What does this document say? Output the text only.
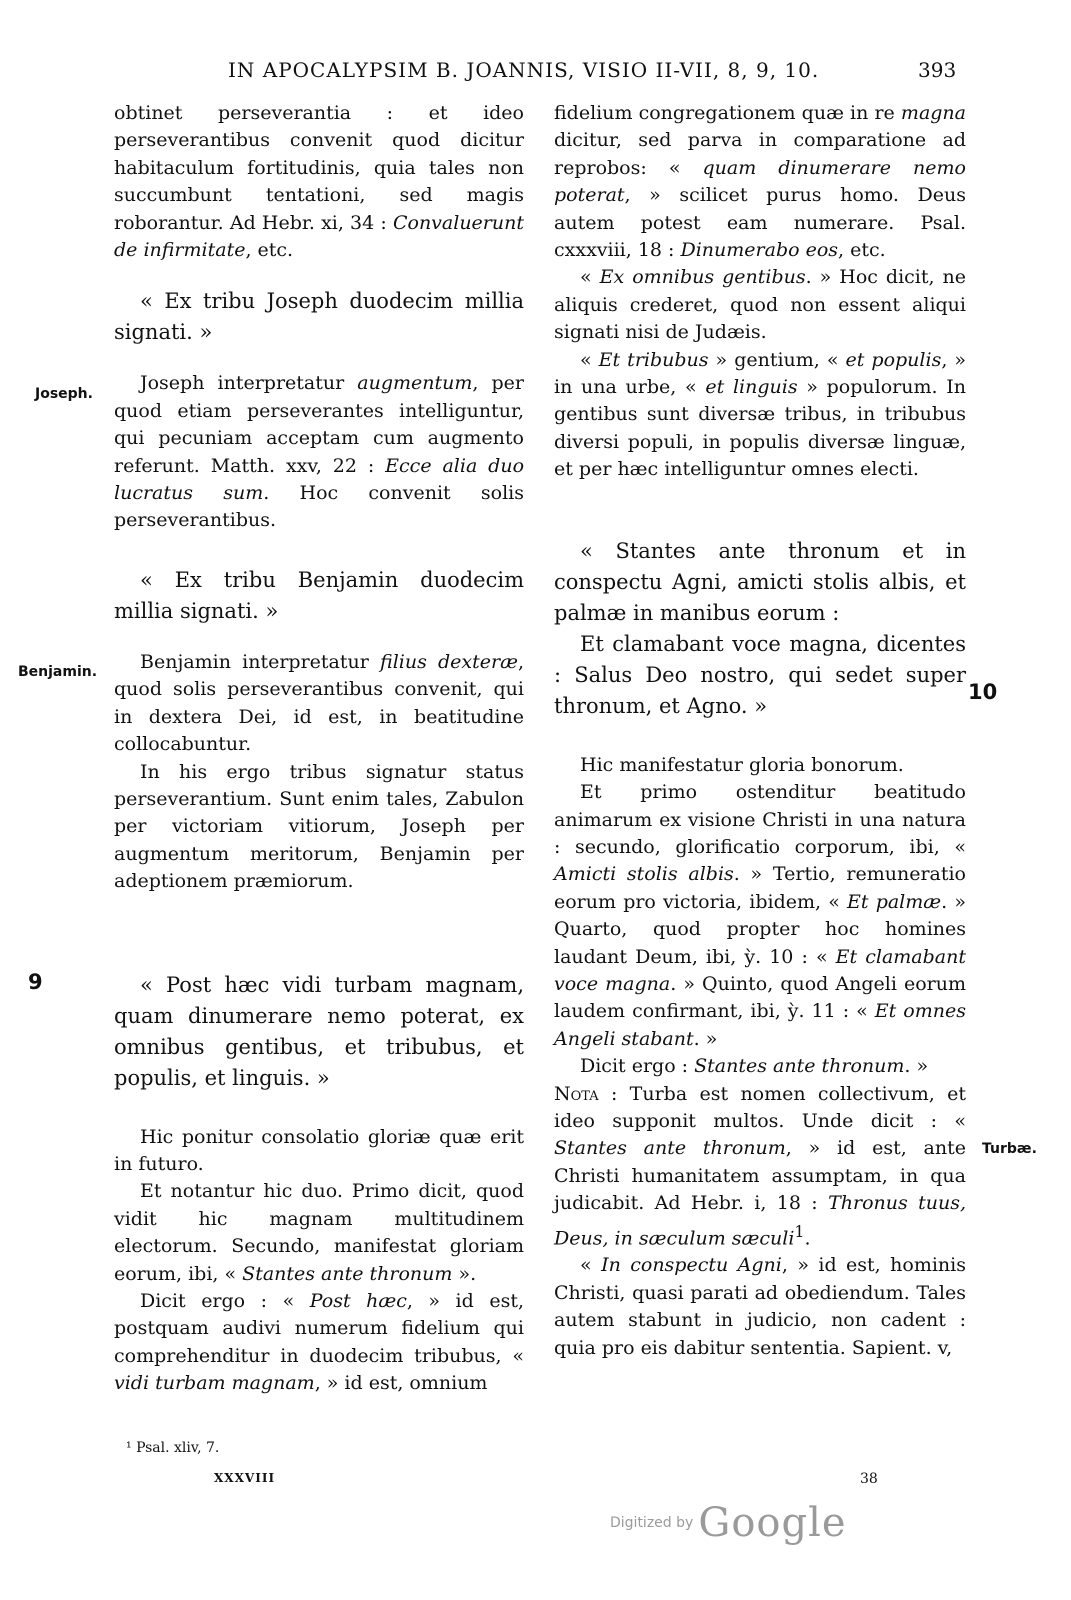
IN APOCALYPSIM B. JOANNIS, VISIO II-VII, 8, 9, 10.	393
Joseph.
Benjamin.
Turbæ.
9
10

obtinet perseverantia : et ideo perseverantibus convenit quod dicitur habitaculum fortitudinis, quia tales non succumbunt tentationi, sed magis roborantur. Ad Hebr. xi, 34 : Convaluerunt de infirmitate, etc.

« Ex tribu Joseph duodecim millia signati. »

Joseph interpretatur augmentum, per quod etiam perseverantes intelliguntur, qui pecuniam acceptam cum augmento referunt. Matth. xxv, 22 : Ecce alia duo lucratus sum. Hoc convenit solis perseverantibus.

« Ex tribu Benjamin duodecim millia signati. »

Benjamin interpretatur filius dexteræ, quod solis perseverantibus convenit, qui in dextera Dei, id est, in beatitudine collocabuntur.

In his ergo tribus signatur status perseverantium. Sunt enim tales, Zabulon per victoriam vitiorum, Joseph per augmentum meritorum, Benjamin per adeptionem præmiorum.

« Post hæc vidi turbam magnam, quam dinumerare nemo poterat, ex omnibus gentibus, et tribubus, et populis, et linguis. »

Hic ponitur consolatio gloriæ quæ erit in futuro.

Et notantur hic duo. Primo dicit, quod vidit hic magnam multitudinem electorum. Secundo, manifestat gloriam eorum, ibi, « Stantes ante thronum ».

Dicit ergo : « Post hæc, » id est, postquam audivi numerum fidelium qui comprehenditur in duodecim tribubus, « vidi turbam magnam, » id est, omnium

fidelium congregationem quæ in re magna dicitur, sed parva in comparatione ad reprobos: « quam dinumerare nemo poterat, » scilicet purus homo. Deus autem potest eam numerare. Psal. cxxxviii, 18 : Dinumerabo eos, etc.

« Ex omnibus gentibus. » Hoc dicit, ne aliquis crederet, quod non essent aliqui signati nisi de Judæis.

« Et tribubus » gentium, « et populis, » in una urbe, « et linguis » populorum. In gentibus sunt diversæ tribus, in tribubus diversi populi, in populis diversæ linguæ, et per hæc intelliguntur omnes electi.

« Stantes ante thronum et in conspectu Agni, amicti stolis albis, et palmæ in manibus eorum :

Et clamabant voce magna, dicentes : Salus Deo nostro, qui sedet super thronum, et Agno. »

Hic manifestatur gloria bonorum.

Et primo ostenditur beatitudo animarum ex visione Christi in una natura : secundo, glorificatio corporum, ibi, « Amicti stolis albis. » Tertio, remuneratio eorum pro victoria, ibidem, « Et palmæ. » Quarto, quod propter hoc homines laudant Deum, ibi, ỳ. 10 : « Et clamabant voce magna. » Quinto, quod Angeli eorum laudem confirmant, ibi, ỳ. 11 : « Et omnes Angeli stabant. »

Dicit ergo : Stantes ante thronum. »

Nota : Turba est nomen collectivum, et ideo supponit multos. Unde dicit : « Stantes ante thronum, » id est, ante Christi humanitatem assumptam, in qua judicabit. Ad Hebr. i, 18 : Thronus tuus, Deus, in sæculum sæculi$^1$.

« In conspectu Agni, » id est, hominis Christi, quasi parati ad obediendum. Tales autem stabunt in judicio, non cadent : quia pro eis dabitur sententia. Sapient. v,

¹ Psal. xliv, 7.
XXXVIII	38
Digitized by Google
